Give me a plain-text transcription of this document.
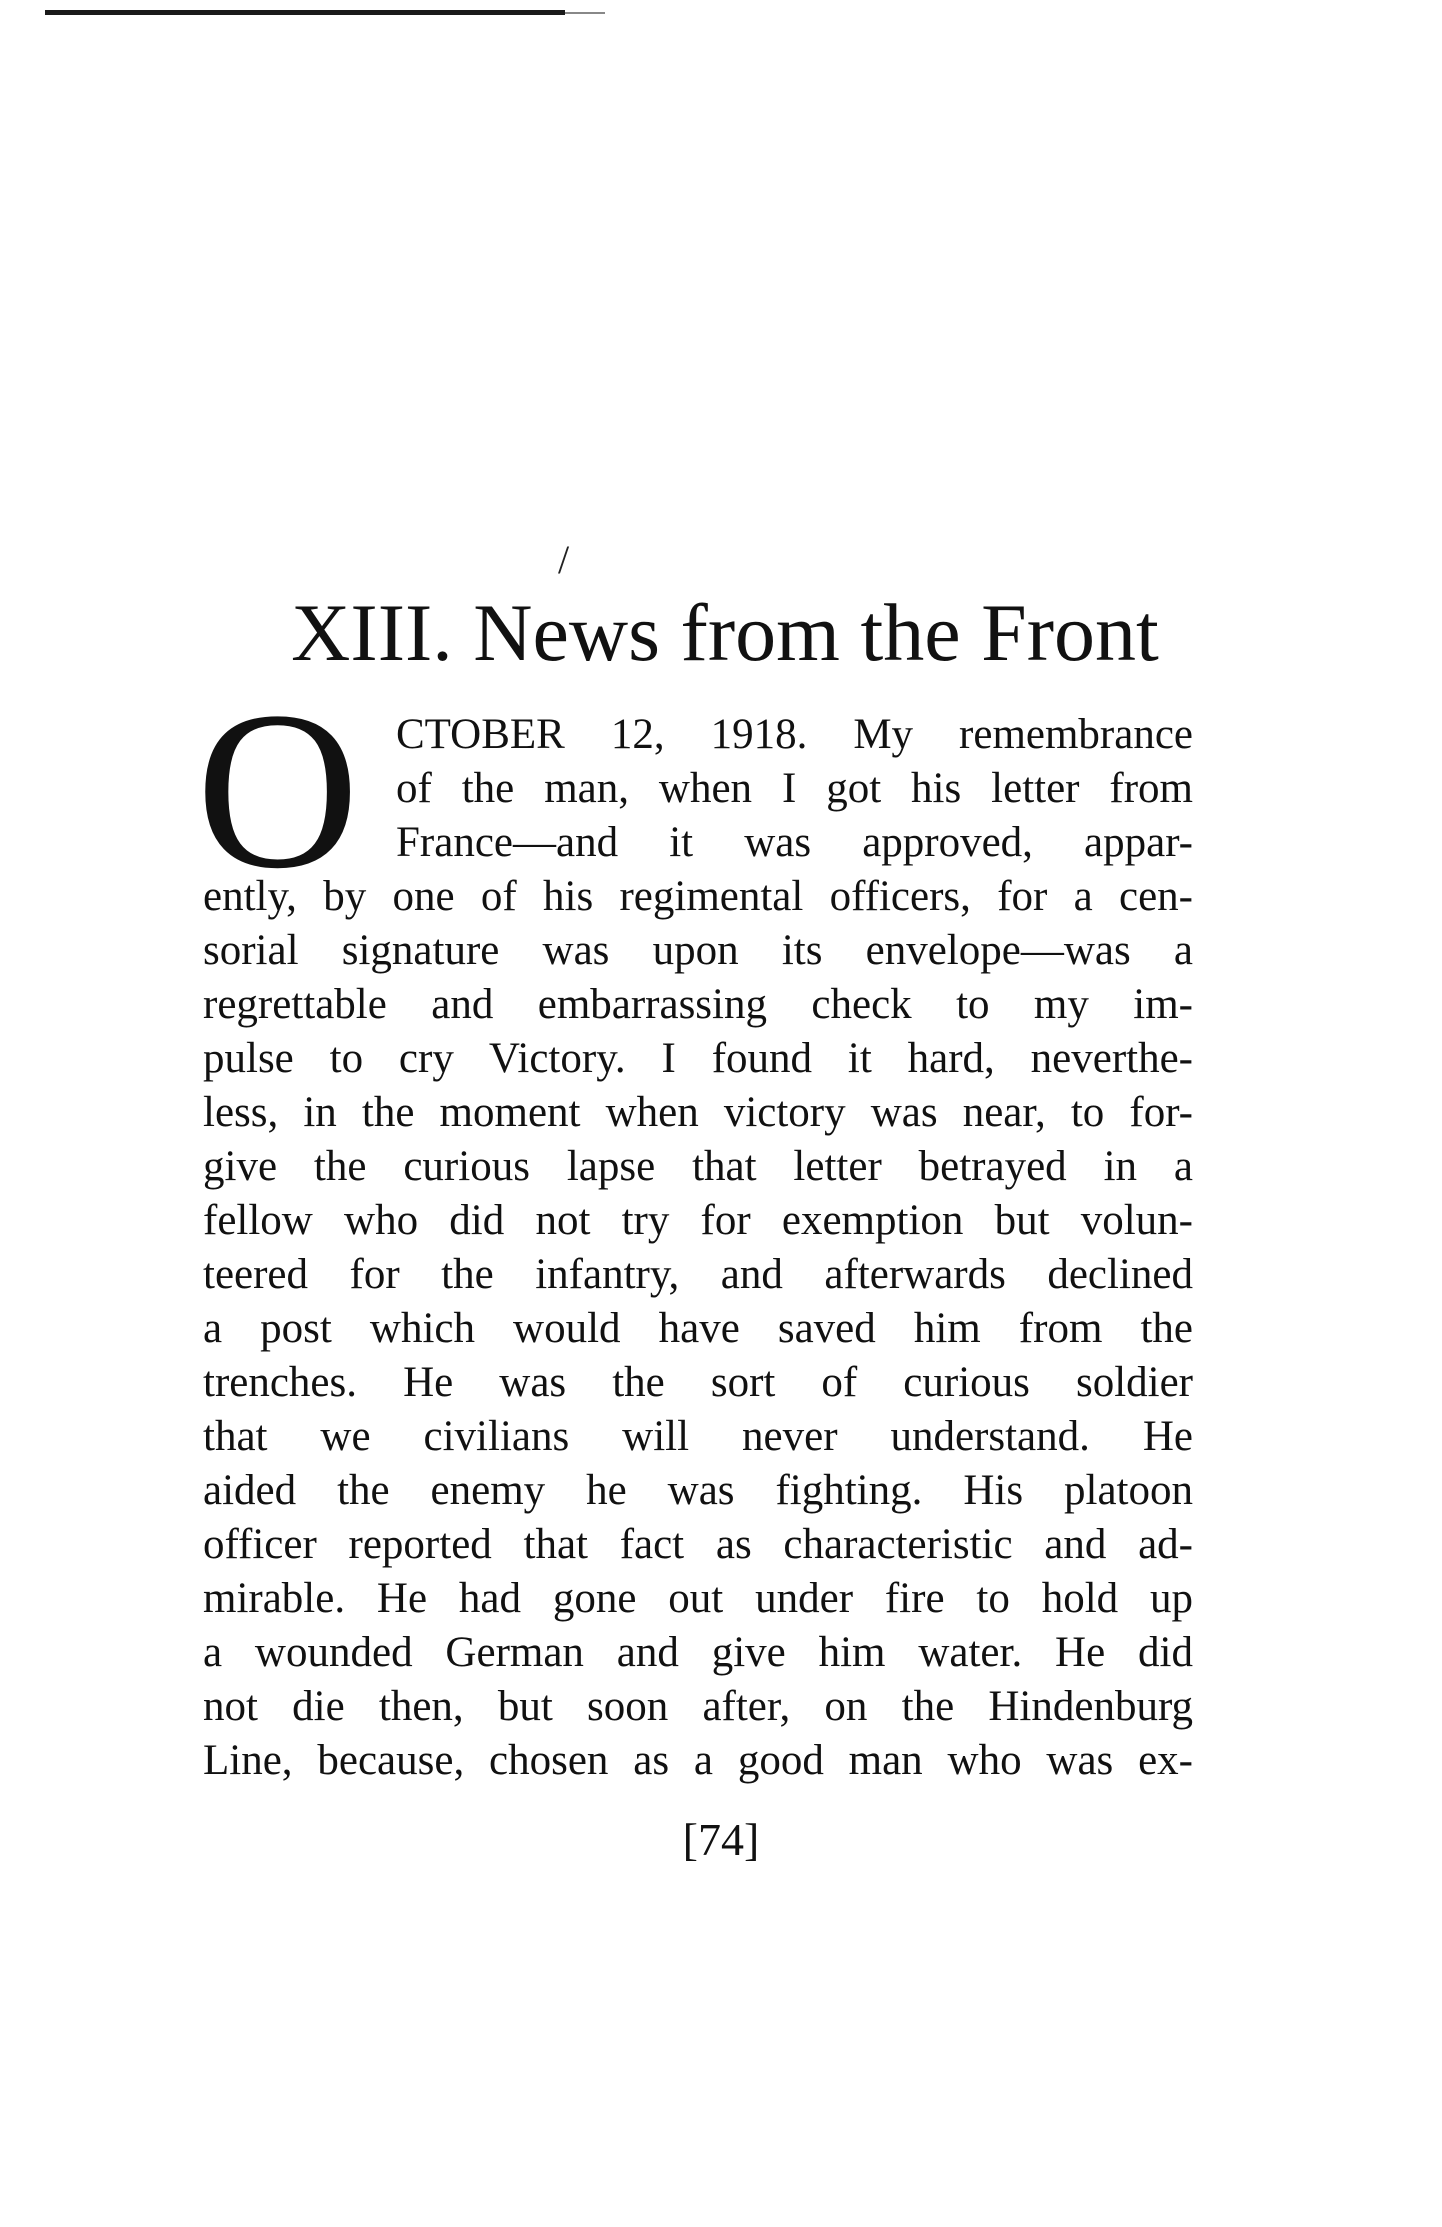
/
XIII. News from the Front
O CTOBER 12, 1918. My remembrance
of the man, when I got his letter from
France—and it was approved, appar-
ently, by one of his regimental officers, for a cen-
sorial signature was upon its envelope—was a
regrettable and embarrassing check to my im-
pulse to cry Victory. I found it hard, neverthe-
less, in the moment when victory was near, to for-
give the curious lapse that letter betrayed in a
fellow who did not try for exemption but volun-
teered for the infantry, and afterwards declined
a post which would have saved him from the
trenches. He was the sort of curious soldier
that we civilians will never understand. He
aided the enemy he was fighting. His platoon
officer reported that fact as characteristic and ad-
mirable. He had gone out under fire to hold up
a wounded German and give him water. He did
not die then, but soon after, on the Hindenburg
Line, because, chosen as a good man who was ex-
[74]
